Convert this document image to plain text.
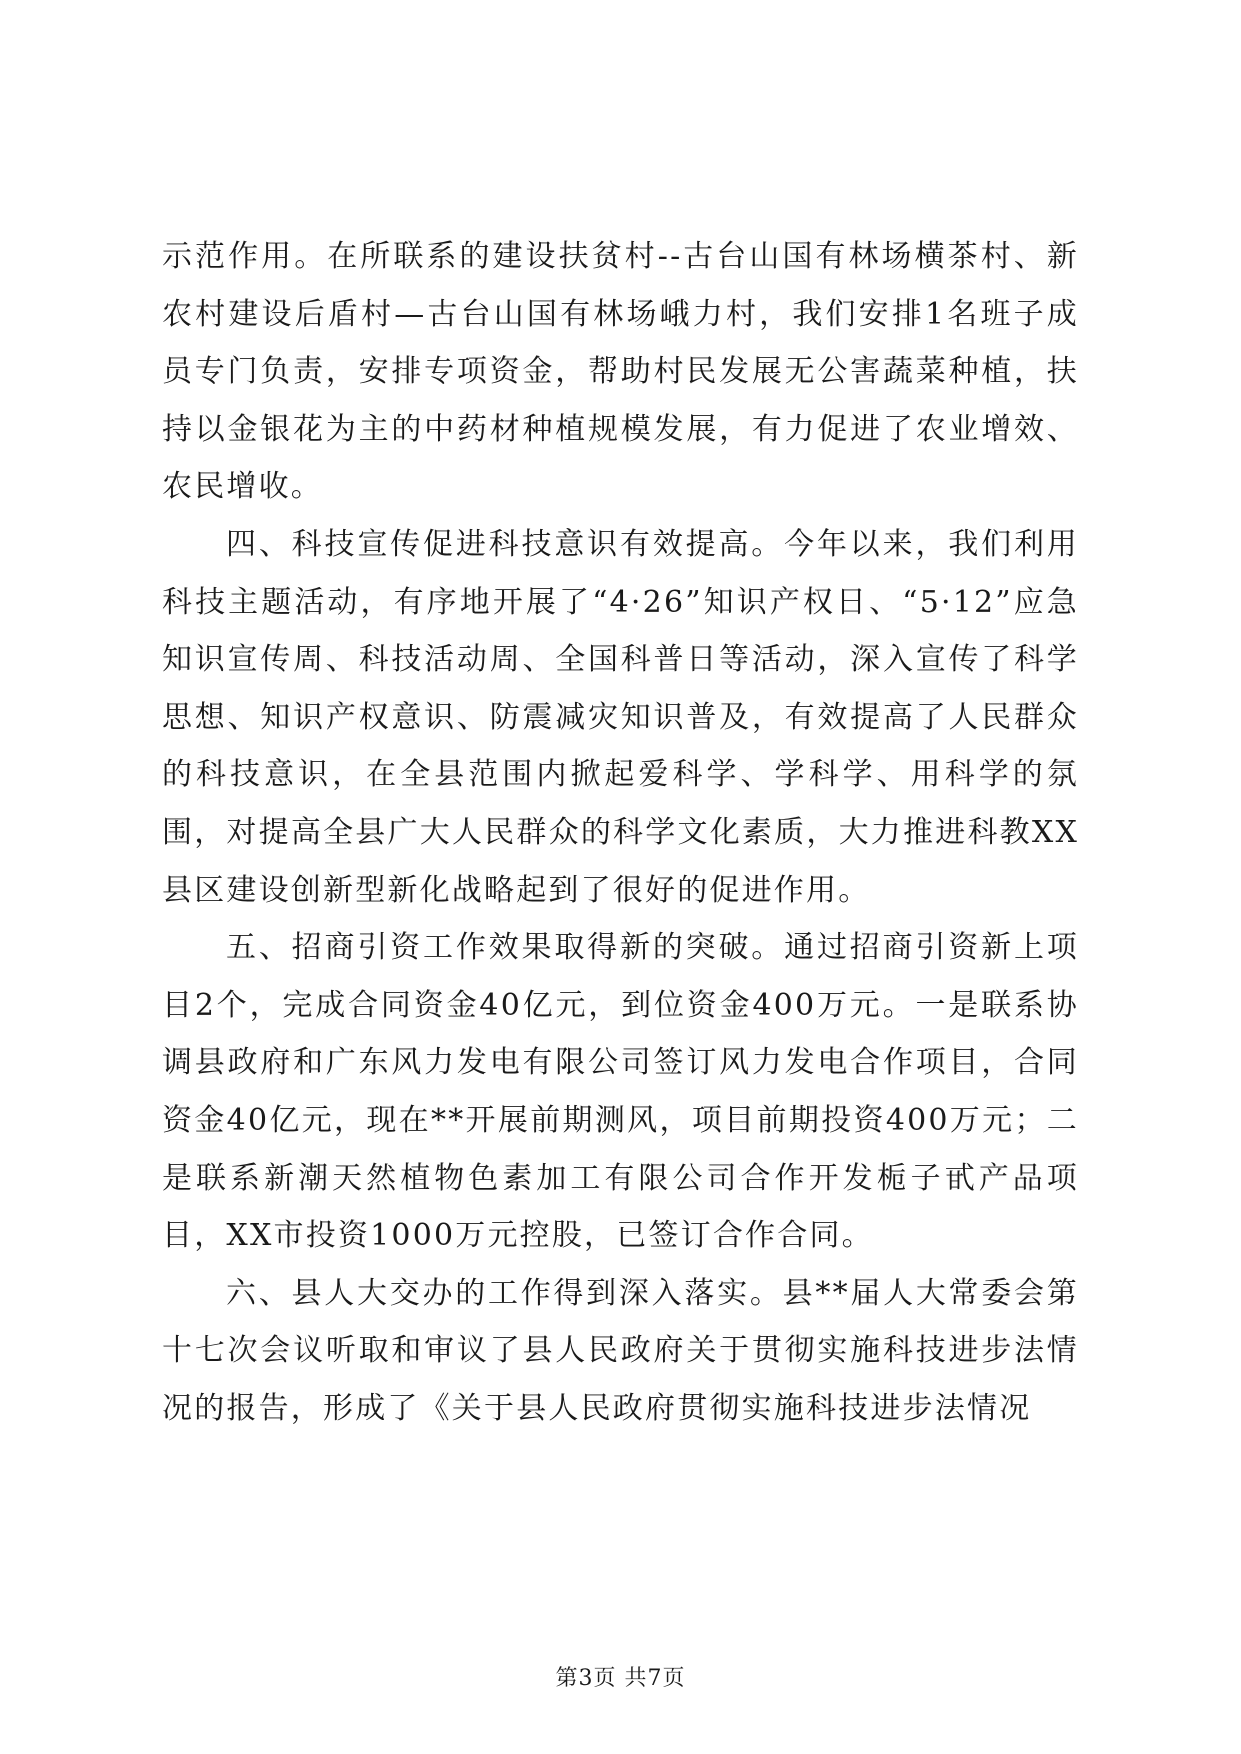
示范作用。在所联系的建设扶贫村--古台山国有林场横茶村、新农村建设后盾村—古台山国有林场峨力村，我们安排1名班子成员专门负责，安排专项资金，帮助村民发展无公害蔬菜种植，扶持以金银花为主的中药材种植规模发展，有力促进了农业增效、农民增收。

四、科技宣传促进科技意识有效提高。今年以来，我们利用科技主题活动，有序地开展了“4·26”知识产权日、“5·12”应急知识宣传周、科技活动周、全国科普日等活动，深入宣传了科学思想、知识产权意识、防震减灾知识普及，有效提高了人民群众的科技意识，在全县范围内掀起爱科学、学科学、用科学的氛围，对提高全县广大人民群众的科学文化素质，大力推进科教XX县区建设创新型新化战略起到了很好的促进作用。

五、招商引资工作效果取得新的突破。通过招商引资新上项目2个，完成合同资金40亿元，到位资金400万元。一是联系协调县政府和广东风力发电有限公司签订风力发电合作项目，合同资金40亿元，现在**开展前期测风，项目前期投资400万元；二是联系新潮天然植物色素加工有限公司合作开发栀子甙产品项目，XX市投资1000万元控股，已签订合作合同。

六、县人大交办的工作得到深入落实。县**届人大常委会第十七次会议听取和审议了县人民政府关于贯彻实施科技进步法情况的报告，形成了《关于县人民政府贯彻实施科技进步法情况

第3页 共7页
